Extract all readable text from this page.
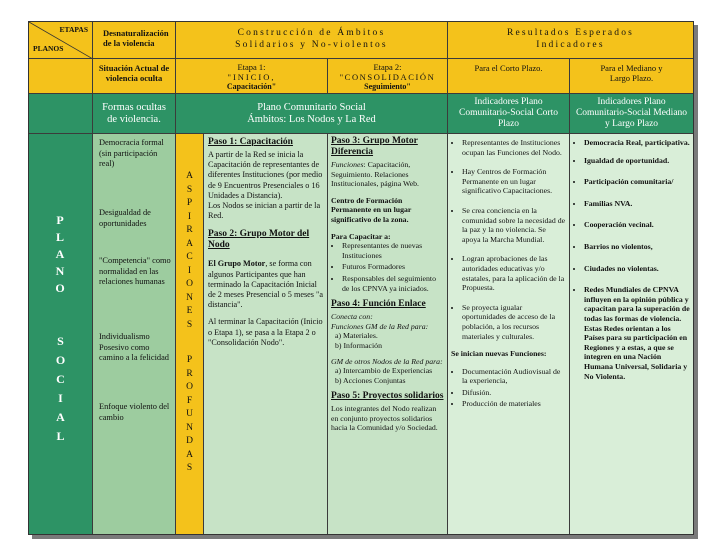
ETAPAS
PLANOS
Desnaturalización de la violencia
Construcción de Ámbitos Solidarios y No-violentos
Resultados Esperados Indicadores
Situación Actual de violencia oculta
Etapa 1:
"INICIO,
Capacitación"
Etapa 2:
"CONSOLIDACIÓN
Seguimiento"
Para el Corto Plazo.	Para el Mediano y Largo Plazo.
Formas ocultas de violencia.
Plano Comunitario Social
Ámbitos: Los Nodos y La Red
Indicadores Plano Comunitario-Social Corto Plazo
Indicadores Plano Comunitario-Social Mediano y Largo Plazo
P
L
A
N
O
S
O
C
I
A
L
Democracia formal (sin participación real)
Desigualdad de oportunidades
"Competencia" como normalidad en las relaciones humanas
Individualismo Posesivo como camino a la felicidad
Enfoque violento del cambio
A
S
P
I
R
A
C
I
O
N
E
S
P
R
O
F
U
N
D
A
S
Paso 1: Capacitación

A partir de la Red se inicia la Capacitación de representantes de diferentes Instituciones (por medio de 9 Encuentros Presenciales o 16 Unidades a Distancia).

Los Nodos se inician a partir de la Red.

Paso 2: Grupo Motor del Nodo

El Grupo Motor, se forma con algunos Participantes que han terminado la Capacitación Inicial de 2 meses Presencial o 5 meses "a distancia".

Al terminar la Capacitación (Inicio o Etapa 1), se pasa a la Etapa 2 o "Consolidación Nodo".

Paso 3: Grupo Motor Diferencia

Funciones: Capacitación, Seguimiento. Relaciones Institucionales, página Web.

Centro de Formación Permanente en un lugar significativo de la zona.

Para Capacitar a:
• Representantes de nuevas Instituciones
• Futuros Formadores
• Responsables del seguimiento de los CPNVA ya iniciados.
Paso 4: Función Enlace
Conecta con:
Funciones GM de la Red para:
a) Materiales.
b) Información
GM de otros Nodos de la Red para:
a) Intercambio de Experiencias
b) Acciones Conjuntas
Paso 5: Proyectos solidarios

Los integrantes del Nodo realizan en conjunto proyectos solidarios hacia la Comunidad y/o Sociedad.

• Representantes de Instituciones ocupan las Funciones del Nodo.
• Hay Centros de Formación Permanente en un lugar significativo Capacitaciones.
• Se crea conciencia en la comunidad sobre la necesidad de la paz y la no violencia. Se apoya la Marcha Mundial.
• Logran aprobaciones de las autoridades educativas y/o estatales, para la aplicación de la Propuesta.
• Se proyecta igualar oportunidades de acceso de la población, a los recursos materiales y culturales.
Se inician nuevas Funciones:
• Documentación Audiovisual de la experiencia,
• Difusión.
• Producción de materiales
• Democracia Real, participativa.
• Igualdad de oportunidad.
• Participación comunitaria/
• Familias NVA.
• Cooperación vecinal.
• Barrios no violentos,
• Ciudades no violentas.
• Redes Mundiales de CPNVA influyen en la opinión pública y capacitan para la superación de todas las formas de violencia.
Estas Redes orientan a los Países para su participación en Regiones y a estas, a que se integren en una Nación Humana Universal, Solidaria y No Violenta.
